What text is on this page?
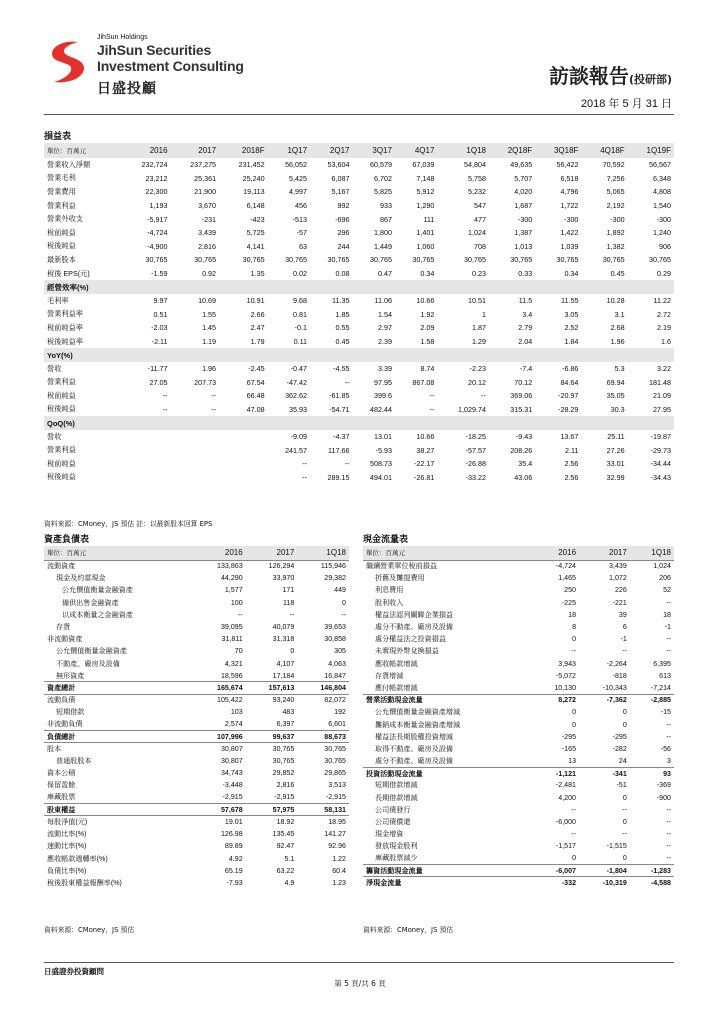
JihSun Holdings
JihSun Securities
Investment Consulting
日盛投顧
訪談報告(投研部)
2018 年 5 月 31 日
損益表
單位：百萬元	2016	2017	2018F	1Q17	2Q17	3Q17	4Q17	1Q18	2Q18F	3Q18F	4Q18F	1Q19F
營業收入淨額	232,724	237,275	231,452	56,052	53,604	60,579	67,039	54,804	49,635	56,422	70,592	56,567
營業毛利	23,212	25,361	25,240	5,425	6,087	6,702	7,148	5,758	5,707	6,518	7,256	6,348
營業費用	22,300	21,900	19,113	4,997	5,167	5,825	5,912	5,232	4,020	4,796	5,065	4,808
營業利益	1,193	3,670	6,148	456	992	933	1,290	547	1,687	1,722	2,192	1,540
營業外收支	-5,917	-231	-423	-513	-696	867	111	477	-300	-300	-300	-300
稅前純益	-4,724	3,439	5,725	-57	296	1,800	1,401	1,024	1,387	1,422	1,892	1,240
稅後純益	-4,900	2,816	4,141	63	244	1,449	1,060	708	1,013	1,039	1,382	906
最新股本	30,765	30,765	30,765	30,765	30,765	30,765	30,765	30,765	30,765	30,765	30,765	30,765
稅後 EPS(元)	-1.59	0.92	1.35	0.02	0.08	0.47	0.34	0.23	0.33	0.34	0.45	0.29
經營效率(%)												
毛利率	9.97	10.69	10.91	9.68	11.35	11.06	10.66	10.51	11.5	11.55	10.28	11.22
營業利益率	0.51	1.55	2.66	0.81	1.85	1.54	1.92	1	3.4	3.05	3.1	2.72
稅前純益率	-2.03	1.45	2.47	-0.1	0.55	2.97	2.09	1.87	2.79	2.52	2.68	2.19
稅後純益率	-2.11	1.19	1.79	0.11	0.45	2.39	1.58	1.29	2.04	1.84	1.96	1.6
YoY(%)												
營收	-11.77	1.96	-2.45	-0.47	-4.55	3.39	8.74	-2.23	-7.4	-6.86	5.3	3.22
營業利益	27.05	207.73	67.54	-47.42	--	97.95	867.08	20.12	70.12	84.64	69.94	181.48
稅前純益	--	--	66.48	362.62	-61.85	399.6	--	--	369.06	-20.97	35.05	21.09
稅後純益	--	--	47.08	35.93	-54.71	482.44	--	1,029.74	315.31	-28.29	30.3	27.95
QoQ(%)												
營收				-9.09	-4.37	13.01	10.66	-18.25	-9.43	13.67	25.11	-19.87
營業利益				241.57	117.66	-5.93	38.27	-57.57	208.26	2.11	27.26	-29.73
稅前純益				--	--	508.73	-22.17	-26.88	35.4	2.56	33.01	-34.44
稅後純益				--	289.15	494.01	-26.81	-33.22	43.06	2.56	32.99	-34.43
資料來源：CMoney，JS 預估 註：以最新股本回算 EPS
資產負債表
單位：百萬元	2016	2017	1Q18
流動資產	133,863	126,294	115,946
現金及約當現金	44,290	33,970	29,382
公允價值衡量金融資產	1,577	171	449
備供出售金融資產	100	118	0
以成本衡量之金融資產	--	--	--
存貨	39,095	40,079	39,653
非流動資產	31,811	31,318	30,858
公允價值衡量金融資產	70	0	305
不動產、廠房及設備	4,321	4,107	4,063
無形資產	18,596	17,184	16,847
資產總計	165,674	157,613	146,804
流動負債	105,422	93,240	82,072
短期借款	103	483	192
非流動負債	2,574	6,397	6,601
負債總計	107,996	99,637	88,673
股本	30,807	30,765	30,765
普通股股本	30,807	30,765	30,765
資本公積	34,743	29,852	29,865
保留盈餘	-3,448	2,816	3,513
庫藏股票	-2,915	-2,915	-2,915
股東權益	57,678	57,975	58,131
每股淨值(元)	19.01	18.92	18.95
流動比率(%)	126.98	135.45	141.27
速動比率(%)	89.89	92.47	92.96
應收帳款週轉率(%)	4.92	5.1	1.22
負債比率(%)	65.19	63.22	60.4
稅後股東權益報酬率(%)	-7.93	4.9	1.23
資料來源：CMoney，JS 預估
現金流量表
單位：百萬元	2016	2017	1Q18
繼續營業單位稅前損益	-4,724	3,439	1,024
折舊及攤提費用	1,465	1,072	206
利息費用	250	226	52
股利收入	-225	-221	--
權益法認列關聯企業損益	18	39	18
處分不動產、廠房及設備	8	6	-1
處分權益法之投資損益	0	-1	--
未實現外幣兌換損益	--	--	--
應收帳款增減	3,943	-2,264	6,395
存貨增減	-5,072	-818	613
應付帳款增減	10,130	-10,343	-7,214
營業活動現金流量	8,272	-7,362	-2,885
公允價值衡量金融資產增減	0	0	-15
攤銷成本衡量金融資產增減	0	0	--
權益法長期股權投資增減	-295	-295	--
取得不動產、廠房及設備	-165	-282	-56
處分不動產、廠房及設備	13	24	3
投資活動現金流量	-1,121	-341	93
短期借款增減	-2,481	-51	-369
長期借款增減	4,200	0	-900
公司債發行	--	--	--
公司債償還	-6,000	0	--
現金增資	--	--	--
發放現金股利	-1,517	-1,515	--
庫藏股票減少	0	0	--
籌資活動現金流量	-6,007	-1,804	-1,283
淨現金流量	-332	-10,319	-4,588
資料來源：CMoney，JS 預估
日盛證券投資顧問
第 5 頁/共 6 頁
